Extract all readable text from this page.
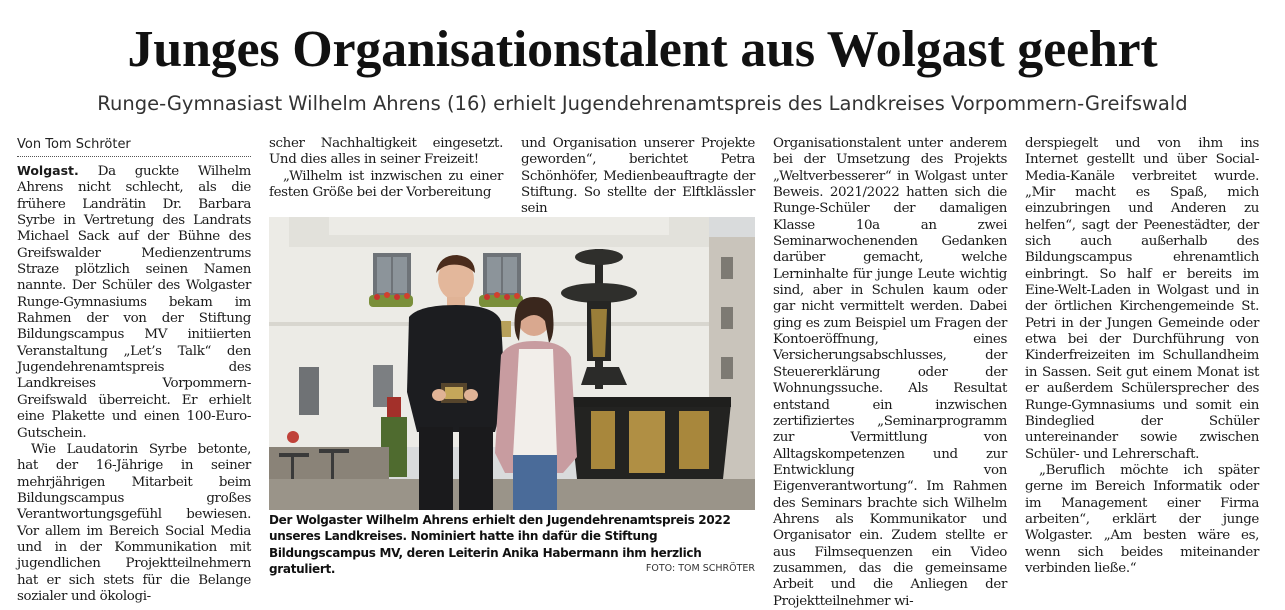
Junges Organisationstalent aus Wolgast geehrt
Runge-Gymnasiast Wilhelm Ahrens (16) erhielt Jugendehrenamtspreis des Landkreises Vorpommern-Greifswald
Von Tom Schröter

Wolgast. Da guckte Wilhelm Ahrens nicht schlecht, als die frühere Landrätin Dr. Barbara Syrbe in Vertretung des Landrats Michael Sack auf der Bühne des Greifswalder Medienzentrums Straze plötzlich seinen Namen nannte. Der Schüler des Wolgaster Runge-Gymnasiums bekam im Rahmen der von der Stiftung Bildungscampus MV initiierten Veranstaltung „Let’s Talk“ den Jugendehrenamtspreis des Landkreises Vorpommern-Greifswald überreicht. Er erhielt eine Plakette und einen 100-Euro-Gutschein.

Wie Laudatorin Syrbe betonte, hat der 16-Jährige in seiner mehrjährigen Mitarbeit beim Bildungscampus großes Verantwortungsgefühl bewiesen. Vor allem im Bereich Social Media und in der Kommunikation mit jugendlichen Projektteilnehmern hat er sich stets für die Belange sozialer und ökologi-

scher Nachhaltigkeit eingesetzt. Und dies alles in seiner Freizeit!

„Wilhelm ist inzwischen zu einer festen Größe bei der Vorbereitung

und Organisation unserer Projekte geworden“, berichtet Petra Schönhöfer, Medienbeauftragte der Stiftung. So stellte der Elftklässler sein

Der Wolgaster Wilhelm Ahrens erhielt den Jugendehrenamtspreis 2022 unseres Landkreises. Nominiert hatte ihn dafür die Stiftung Bildungscampus MV, deren Leiterin Anika Habermann ihm herzlich gratuliert.	FOTO: TOM SCHRÖTER

Organisationstalent unter anderem bei der Umsetzung des Projekts „Weltverbesserer“ in Wolgast unter Beweis. 2021/2022 hatten sich die Runge-Schüler der damaligen Klasse 10a an zwei Seminarwochenenden Gedanken darüber gemacht, welche Lerninhalte für junge Leute wichtig sind, aber in Schulen kaum oder gar nicht vermittelt werden. Dabei ging es zum Beispiel um Fragen der Kontoeröffnung, eines Versicherungsabschlusses, der Steuererklärung oder der Wohnungssuche. Als Resultat entstand ein inzwischen zertifiziertes „Seminarprogramm zur Vermittlung von Alltagskompetenzen und zur Entwicklung von Eigenverantwortung“. Im Rahmen des Seminars brachte sich Wilhelm Ahrens als Kommunikator und Organisator ein. Zudem stellte er aus Filmsequenzen ein Video zusammen, das die gemeinsame Arbeit und die Anliegen der Projektteilnehmer wi-

derspiegelt und von ihm ins Internet gestellt und über Social-Media-Kanäle verbreitet wurde. „Mir macht es Spaß, mich einzubringen und Anderen zu helfen“, sagt der Peenestädter, der sich auch außerhalb des Bildungscampus ehrenamtlich einbringt. So half er bereits im Eine-Welt-Laden in Wolgast und in der örtlichen Kirchengemeinde St. Petri in der Jungen Gemeinde oder etwa bei der Durchführung von Kinderfreizeiten im Schullandheim in Sassen. Seit gut einem Monat ist er außerdem Schülersprecher des Runge-Gymnasiums und somit ein Bindeglied der Schüler untereinander sowie zwischen Schüler- und Lehrerschaft.

„Beruflich möchte ich später gerne im Bereich Informatik oder im Management einer Firma arbeiten“, erklärt der junge Wolgaster. „Am besten wäre es, wenn sich beides miteinander verbinden ließe.“
